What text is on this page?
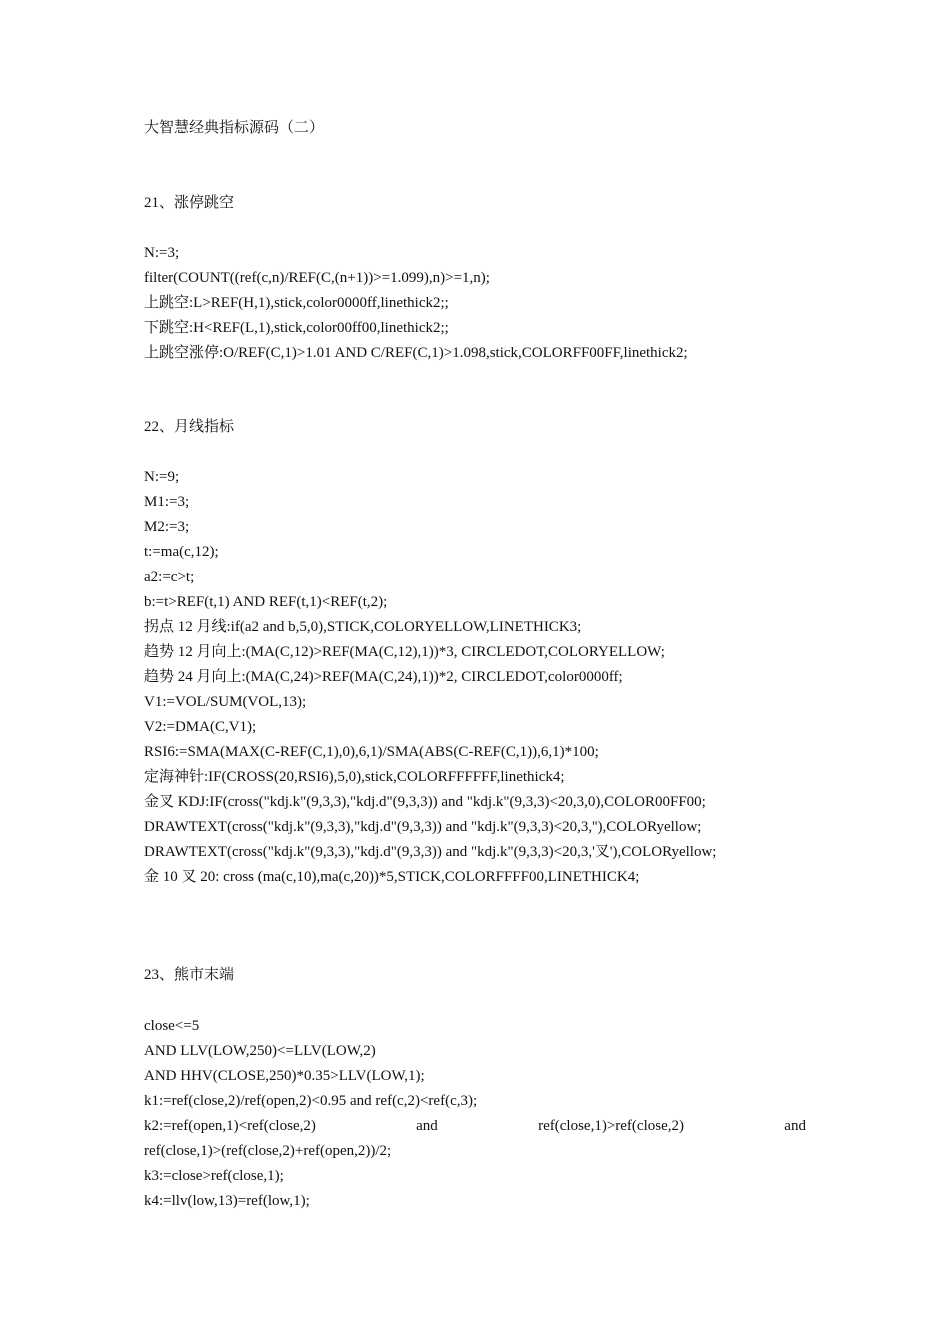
大智慧经典指标源码（二）
21、涨停跳空
N:=3;
filter(COUNT((ref(c,n)/REF(C,(n+1))>=1.099),n)>=1,n);
上跳空:L>REF(H,1),stick,color0000ff,linethick2;;
下跳空:H<REF(L,1),stick,color00ff00,linethick2;;
上跳空涨停:O/REF(C,1)>1.01 AND C/REF(C,1)>1.098,stick,COLORFF00FF,linethick2;
22、月线指标
N:=9;
M1:=3;
M2:=3;
t:=ma(c,12);
a2:=c>t;
b:=t>REF(t,1) AND REF(t,1)<REF(t,2);
拐点 12 月线:if(a2 and b,5,0),STICK,COLORYELLOW,LINETHICK3;
趋势 12 月向上:(MA(C,12)>REF(MA(C,12),1))*3, CIRCLEDOT,COLORYELLOW;
趋势 24 月向上:(MA(C,24)>REF(MA(C,24),1))*2, CIRCLEDOT,color0000ff;
V1:=VOL/SUM(VOL,13);
V2:=DMA(C,V1);
RSI6:=SMA(MAX(C-REF(C,1),0),6,1)/SMA(ABS(C-REF(C,1)),6,1)*100;
定海神针:IF(CROSS(20,RSI6),5,0),stick,COLORFFFFFF,linethick4;
金叉 KDJ:IF(cross("kdj.k"(9,3,3),"kdj.d"(9,3,3)) and "kdj.k"(9,3,3)<20,3,0),COLOR00FF00;
DRAWTEXT(cross("kdj.k"(9,3,3),"kdj.d"(9,3,3)) and "kdj.k"(9,3,3)<20,3,''),COLORyellow;
DRAWTEXT(cross("kdj.k"(9,3,3),"kdj.d"(9,3,3)) and "kdj.k"(9,3,3)<20,3,'叉'),COLORyellow;
金 10 叉 20: cross (ma(c,10),ma(c,20))*5,STICK,COLORFFFF00,LINETHICK4;
23、熊市末端
close<=5
AND LLV(LOW,250)<=LLV(LOW,2)
AND HHV(CLOSE,250)*0.35>LLV(LOW,1);
k1:=ref(close,2)/ref(open,2)<0.95 and ref(c,2)<ref(c,3);
k2:=ref(open,1)<ref(close,2)	and	ref(close,1)>ref(close,2)	and
ref(close,1)>(ref(close,2)+ref(open,2))/2;
k3:=close>ref(close,1);
k4:=llv(low,13)=ref(low,1);
